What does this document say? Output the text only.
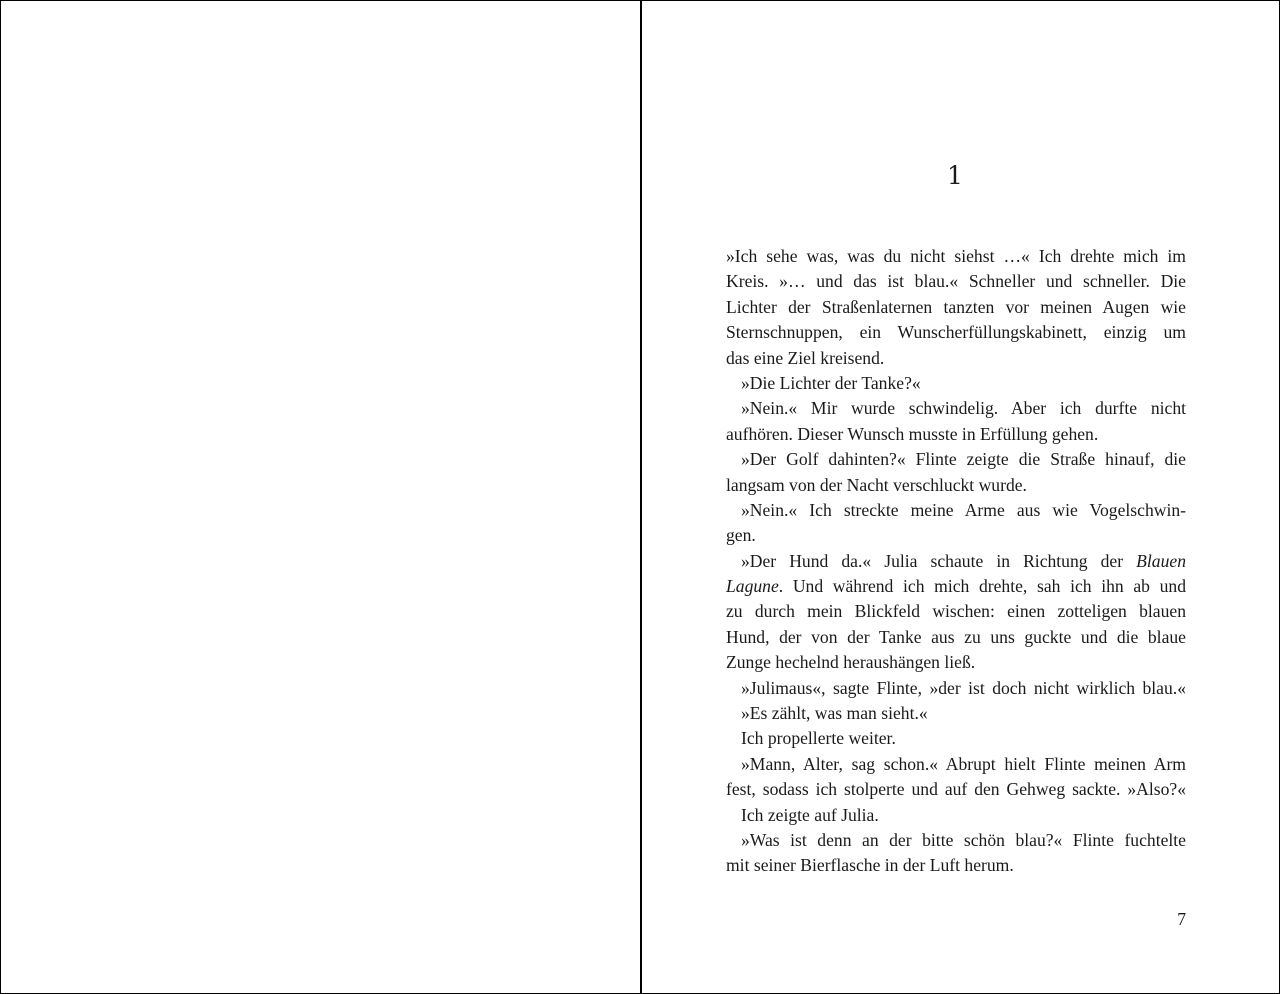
1
»Ich sehe was, was du nicht siehst …« Ich drehte mich im
Kreis. »… und das ist blau.« Schneller und schneller. Die
Lichter der Straßenlaternen tanzten vor meinen Augen wie
Sternschnuppen, ein Wunscherfüllungskabinett, einzig um
das eine Ziel kreisend.
»Die Lichter der Tanke?«
»Nein.« Mir wurde schwindelig. Aber ich durfte nicht
aufhören. Dieser Wunsch musste in Erfüllung gehen.
»Der Golf dahinten?« Flinte zeigte die Straße hinauf, die
langsam von der Nacht verschluckt wurde.
»Nein.« Ich streckte meine Arme aus wie Vogelschwin-
gen.
»Der Hund da.« Julia schaute in Richtung der Blauen
Lagune. Und während ich mich drehte, sah ich ihn ab und
zu durch mein Blickfeld wischen: einen zotteligen blauen
Hund, der von der Tanke aus zu uns guckte und die blaue
Zunge hechelnd heraushängen ließ.
»Julimaus«, sagte Flinte, »der ist doch nicht wirklich blau.«
»Es zählt, was man sieht.«
Ich propellerte weiter.
»Mann, Alter, sag schon.« Abrupt hielt Flinte meinen Arm
fest, sodass ich stolperte und auf den Gehweg sackte. »Also?«
Ich zeigte auf Julia.
»Was ist denn an der bitte schön blau?« Flinte fuchtelte
mit seiner Bierflasche in der Luft herum.
7
